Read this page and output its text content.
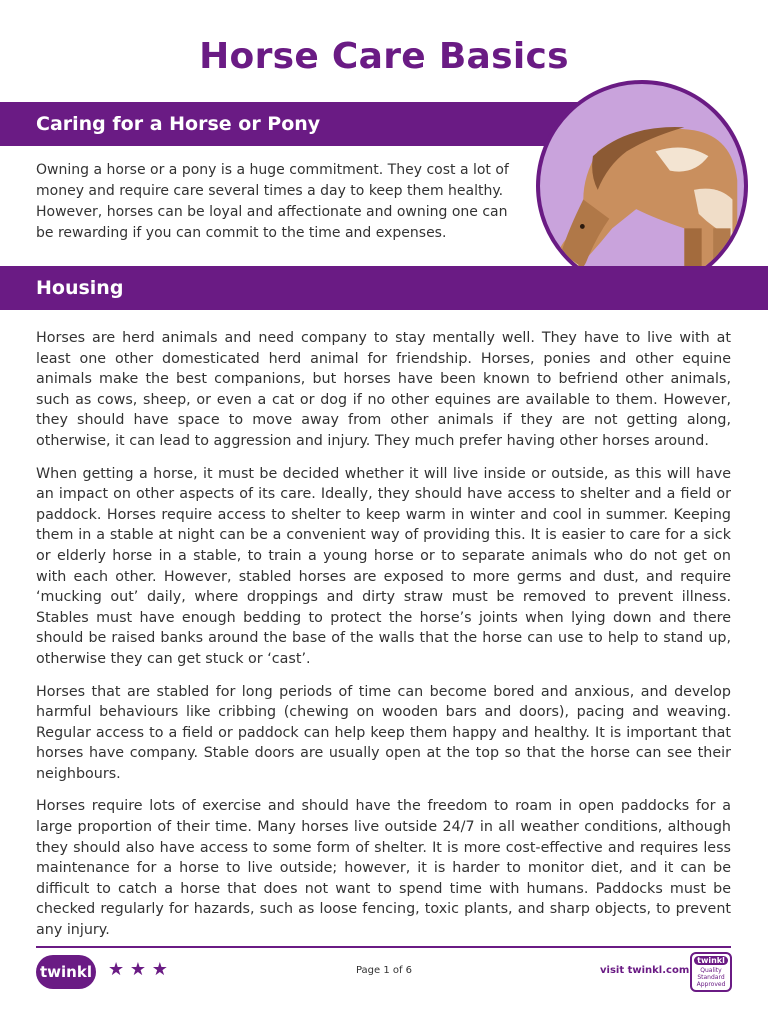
Horse Care Basics
Caring for a Horse or Pony

Owning a horse or a pony is a huge commitment. They cost a lot of money and require care several times a day to keep them healthy. However, horses can be loyal and affectionate and owning one can be rewarding if you can commit to the time and expenses.

Housing

Horses are herd animals and need company to stay mentally well. They have to live with at least one other domesticated herd animal for friendship. Horses, ponies and other equine animals make the best companions, but horses have been known to befriend other animals, such as cows, sheep, or even a cat or dog if no other equines are available to them. However, they should have space to move away from other animals if they are not getting along, otherwise, it can lead to aggression and injury. They much prefer having other horses around.

When getting a horse, it must be decided whether it will live inside or outside, as this will have an impact on other aspects of its care. Ideally, they should have access to shelter and a field or paddock. Horses require access to shelter to keep warm in winter and cool in summer. Keeping them in a stable at night can be a convenient way of providing this. It is easier to care for a sick or elderly horse in a stable, to train a young horse or to separate animals who do not get on with each other. However, stabled horses are exposed to more germs and dust, and require ‘mucking out’ daily, where droppings and dirty straw must be removed to prevent illness. Stables must have enough bedding to protect the horse’s joints when lying down and there should be raised banks around the base of the walls that the horse can use to help to stand up, otherwise they can get stuck or ‘cast’.

Horses that are stabled for long periods of time can become bored and anxious, and develop harmful behaviours like cribbing (chewing on wooden bars and doors), pacing and weaving. Regular access to a field or paddock can help keep them happy and healthy. It is important that horses have company. Stable doors are usually open at the top so that the horse can see their neighbours.

Horses require lots of exercise and should have the freedom to roam in open paddocks for a large proportion of their time. Many horses live outside 24/7 in all weather conditions, although they should also have access to some form of shelter. It is more cost-effective and requires less maintenance for a horse to live outside; however, it is harder to monitor diet, and it can be difficult to catch a horse that does not want to spend time with humans. Paddocks must be checked regularly for hazards, such as loose fencing, toxic plants, and sharp objects, to prevent any injury.

twinkl ★ ★ ★	Page 1 of 6	visit twinkl.com
twinkl
Quality Standard Approved
